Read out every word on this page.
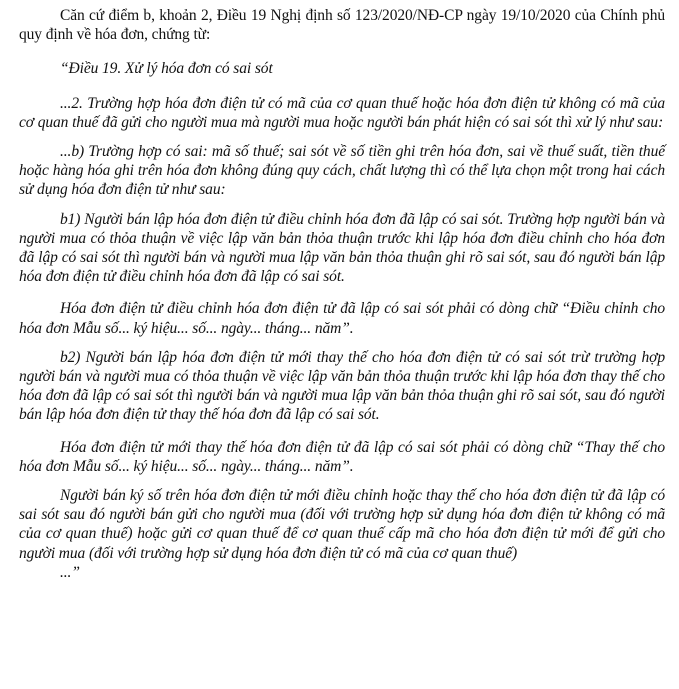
Căn cứ điểm b, khoản 2, Điều 19 Nghị định số 123/2020/NĐ-CP ngày 19/10/2020 của Chính phủ quy định về hóa đơn, chứng từ:

“Điều 19. Xử lý hóa đơn có sai sót

...2. Trường hợp hóa đơn điện tử có mã của cơ quan thuế hoặc hóa đơn điện tử không có mã của cơ quan thuế đã gửi cho người mua mà người mua hoặc người bán phát hiện có sai sót thì xử lý như sau:

...b) Trường hợp có sai: mã số thuế; sai sót về số tiền ghi trên hóa đơn, sai về thuế suất, tiền thuế hoặc hàng hóa ghi trên hóa đơn không đúng quy cách, chất lượng thì có thể lựa chọn một trong hai cách sử dụng hóa đơn điện tử như sau:

b1) Người bán lập hóa đơn điện tử điều chỉnh hóa đơn đã lập có sai sót. Trường hợp người bán và người mua có thỏa thuận về việc lập văn bản thỏa thuận trước khi lập hóa đơn điều chỉnh cho hóa đơn đã lập có sai sót thì người bán và người mua lập văn bản thỏa thuận ghi rõ sai sót, sau đó người bán lập hóa đơn điện tử điều chỉnh hóa đơn đã lập có sai sót.

Hóa đơn điện tử điều chỉnh hóa đơn điện tử đã lập có sai sót phải có dòng chữ “Điều chỉnh cho hóa đơn Mẫu số... ký hiệu... số... ngày... tháng... năm”.

b2) Người bán lập hóa đơn điện tử mới thay thế cho hóa đơn điện tử có sai sót trừ trường hợp người bán và người mua có thỏa thuận về việc lập văn bản thỏa thuận trước khi lập hóa đơn thay thế cho hóa đơn đã lập có sai sót thì người bán và người mua lập văn bản thỏa thuận ghi rõ sai sót, sau đó người bán lập hóa đơn điện tử thay thế hóa đơn đã lập có sai sót.

Hóa đơn điện tử mới thay thế hóa đơn điện tử đã lập có sai sót phải có dòng chữ “Thay thế cho hóa đơn Mẫu số... ký hiệu... số... ngày... tháng... năm”.

Người bán ký số trên hóa đơn điện tử mới điều chỉnh hoặc thay thế cho hóa đơn điện tử đã lập có sai sót sau đó người bán gửi cho người mua (đối với trường hợp sử dụng hóa đơn điện tử không có mã của cơ quan thuế) hoặc gửi cơ quan thuế để cơ quan thuế cấp mã cho hóa đơn điện tử mới để gửi cho người mua (đối với trường hợp sử dụng hóa đơn điện tử có mã của cơ quan thuế)

...”
